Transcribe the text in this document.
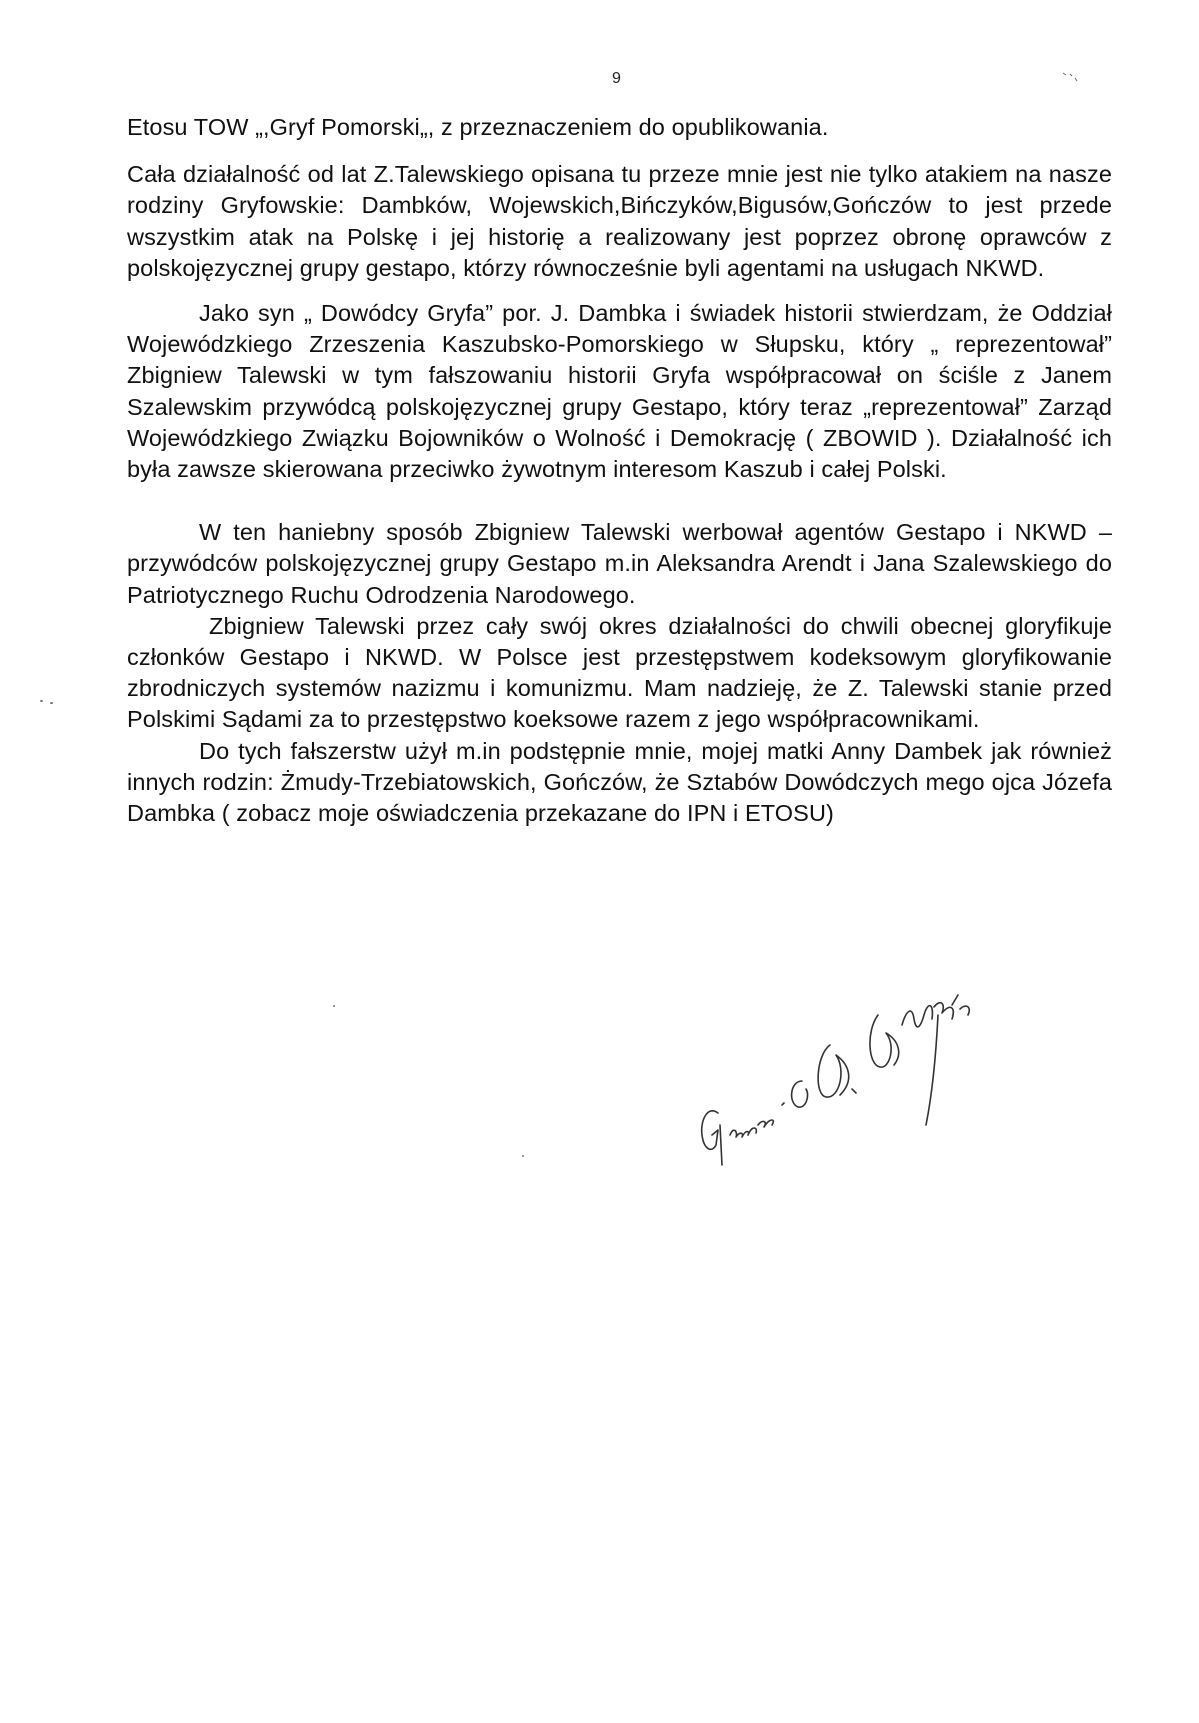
9

Etosu TOW „,Gryf Pomorski„, z przeznaczeniem do opublikowania.

Cała działalność od lat Z.Talewskiego opisana tu przeze mnie jest nie tylko atakiem na nasze rodziny Gryfowskie: Dambków, Wojewskich,Bińczyków,Bigusów,Gończów to jest przede wszystkim atak na Polskę i jej historię a realizowany jest poprzez obronę oprawców z polskojęzycznej grupy gestapo, którzy równocześnie byli agentami na usługach NKWD.

Jako syn „ Dowódcy Gryfa” por. J. Dambka i świadek historii stwierdzam, że Oddział Wojewódzkiego Zrzeszenia Kaszubsko-Pomorskiego w Słupsku, który „ reprezentował” Zbigniew Talewski w tym fałszowaniu historii Gryfa współpracował on ściśle z Janem Szalewskim przywódcą polskojęzycznej grupy Gestapo, który teraz „reprezentował” Zarząd Wojewódzkiego Związku Bojowników o Wolność i Demokrację ( ZBOWID ). Działalność ich była zawsze skierowana przeciwko żywotnym interesom Kaszub i całej Polski.

W ten haniebny sposób Zbigniew Talewski werbował agentów Gestapo i NKWD – przywódców polskojęzycznej grupy Gestapo m.in Aleksandra Arendt i Jana Szalewskiego do Patriotycznego Ruchu Odrodzenia Narodowego.

Zbigniew Talewski przez cały swój okres działalności do chwili obecnej gloryfikuje członków Gestapo i NKWD. W Polsce jest przestępstwem kodeksowym gloryfikowanie zbrodniczych systemów nazizmu i komunizmu. Mam nadzieję, że Z. Talewski stanie przed Polskimi Sądami za to przestępstwo koeksowe razem z jego współpracownikami.

Do tych fałszerstw użył m.in podstępnie mnie, mojej matki Anny Dambek jak również innych rodzin: Żmudy-Trzebiatowskich, Gończów, że Sztabów Dowódczych mego ojca Józefa Dambka ( zobacz moje oświadczenia przekazane do IPN i ETOSU)
